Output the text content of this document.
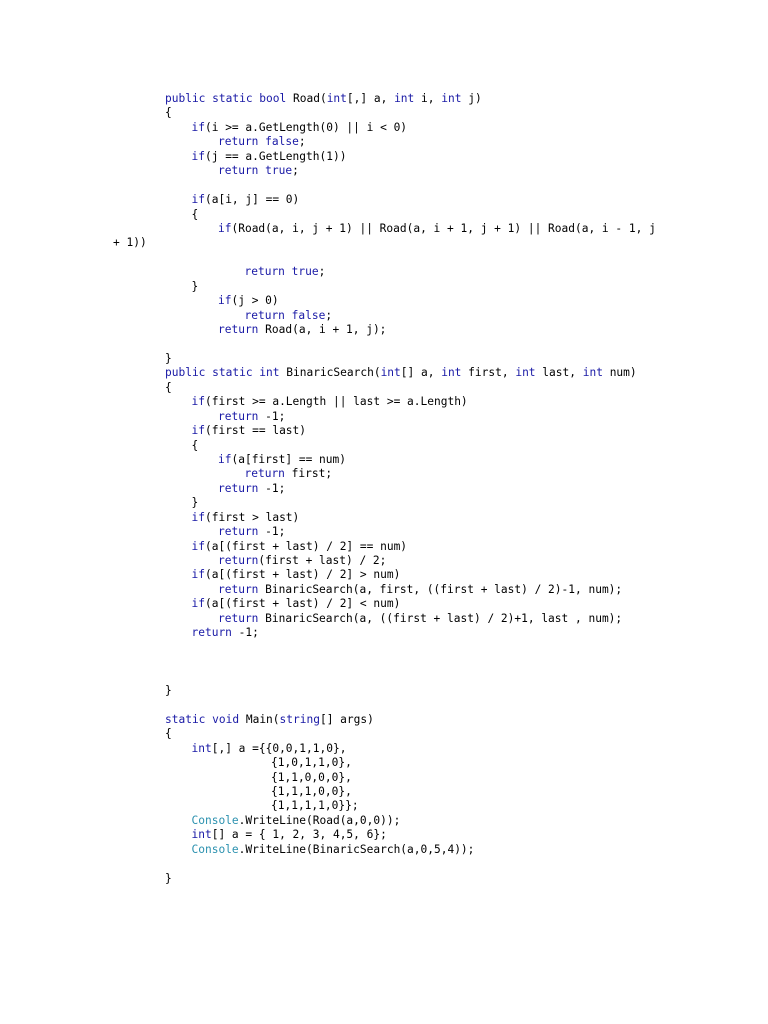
public static bool Road(int[,] a, int i, int j)
{
if(i >= a.GetLength(0) || i < 0)
return false;
if(j == a.GetLength(1))
return true;
if(a[i, j] == 0)
{
if(Road(a, i, j + 1) || Road(a, i + 1, j + 1) || Road(a, i - 1, j
+ 1))
return true;
}
if(j > 0)
return false;
return Road(a, i + 1, j);
}
public static int BinaricSearch(int[] a, int first, int last, int num)
{
if(first >= a.Length || last >= a.Length)
return -1;
if(first == last)
{
if(a[first] == num)
return first;
return -1;
}
if(first > last)
return -1;
if(a[(first + last) / 2] == num)
return(first + last) / 2;
if(a[(first + last) / 2] > num)
return BinaricSearch(a, first, ((first + last) / 2)-1, num);
if(a[(first + last) / 2] < num)
return BinaricSearch(a, ((first + last) / 2)+1, last , num);
return -1;
}
static void Main(string[] args)
{
int[,] a ={{0,0,1,1,0},
{1,0,1,1,0},
{1,1,0,0,0},
{1,1,1,0,0},
{1,1,1,1,0}};
Console.WriteLine(Road(a,0,0));
int[] a = { 1, 2, 3, 4,5, 6};
Console.WriteLine(BinaricSearch(a,0,5,4));
}
